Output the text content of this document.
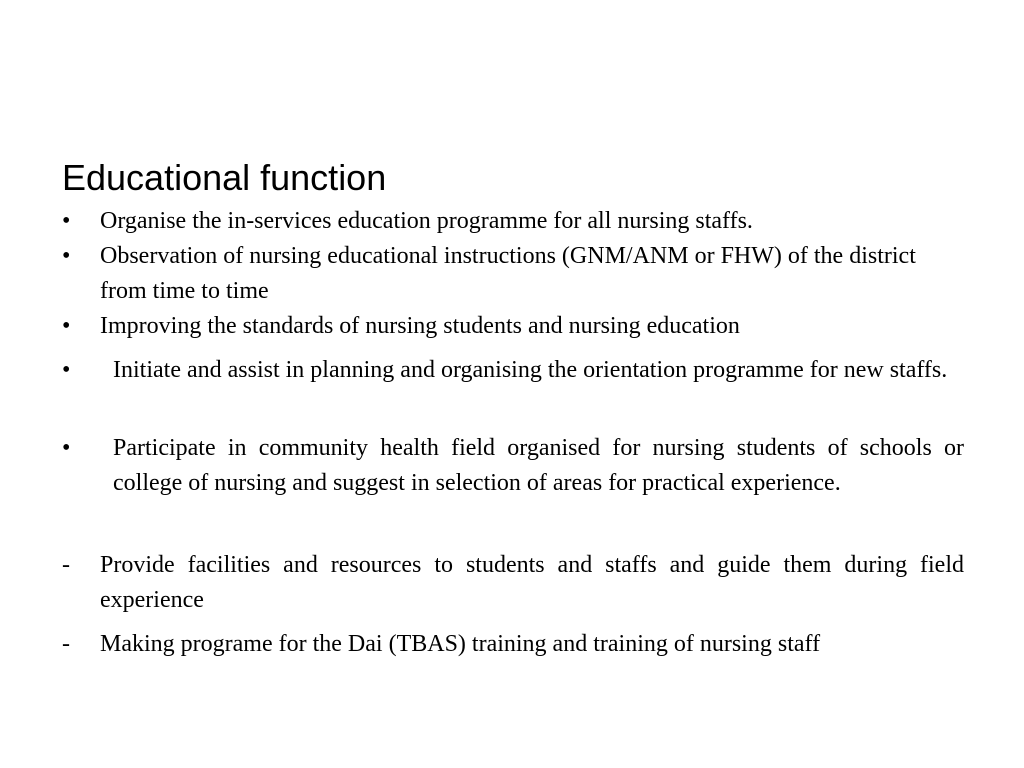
Educational function
•	Organise the in-services education programme for all nursing staffs.
•	Observation of nursing educational instructions (GNM/ANM or FHW) of the district from time to time
•	Improving the standards of nursing students and nursing education
•	Initiate and assist in planning and organising the orientation programme for new staffs.
•	Participate in community health field organised for nursing students of schools or college of nursing and suggest in selection of areas for practical experience.
-	Provide facilities and resources to students and staffs and guide them during field experience
-	Making programe for the Dai (TBAS) training and training of nursing staff
